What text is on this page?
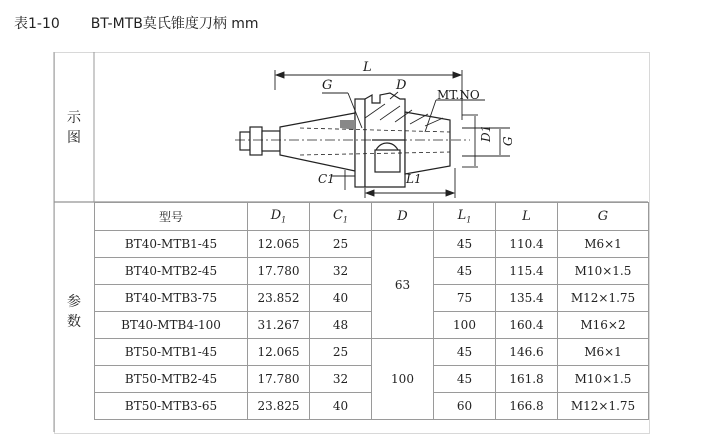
表1-10 BT-MTB莫氏锥度刀柄 mm
示
图
参
数
L
G	D
MT.NO
D1 G
C1	L1
型号	$D_1$	$C_1$	D	$L_1$	L	G
BT40-MTB1-45	12.065	25	63	45	110.4	M6×1
BT40-MTB2-45	17.780	32		45	115.4	M10×1.5
BT40-MTB3-75	23.852	40		75	135.4	M12×1.75
BT40-MTB4-100	31.267	48		100	160.4	M16×2
BT50-MTB1-45	12.065	25	100	45	146.6	M6×1
BT50-MTB2-45	17.780	32		45	161.8	M10×1.5
BT50-MTB3-65	23.825	40		60	166.8	M12×1.75
